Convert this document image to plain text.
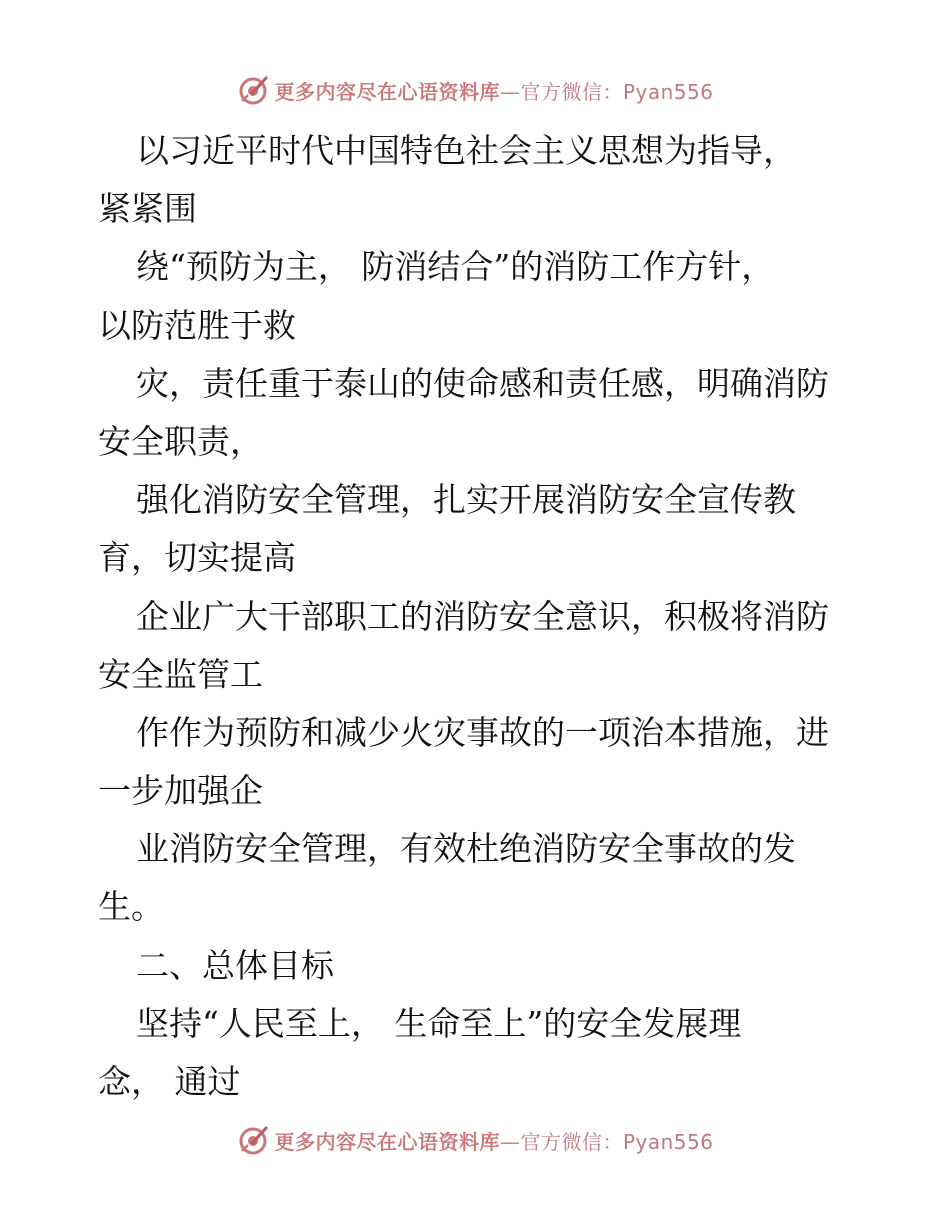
更多内容尽在心语资料库—官方微信：Pyan556
以习近平时代中国特色社会主义思想为指导，
紧紧围
绕“预防为主， 防消结合”的消防工作方针，
以防范胜于救
灾，责任重于泰山的使命感和责任感，明确消防
安全职责，
强化消防安全管理，扎实开展消防安全宣传教
育，切实提高
企业广大干部职工的消防安全意识，积极将消防
安全监管工
作作为预防和减少火灾事故的一项治本措施，进
一步加强企
业消防安全管理，有效杜绝消防安全事故的发
生。
二、总体目标
坚持“人民至上， 生命至上”的安全发展理
念， 通过
更多内容尽在心语资料库—官方微信：Pyan556
